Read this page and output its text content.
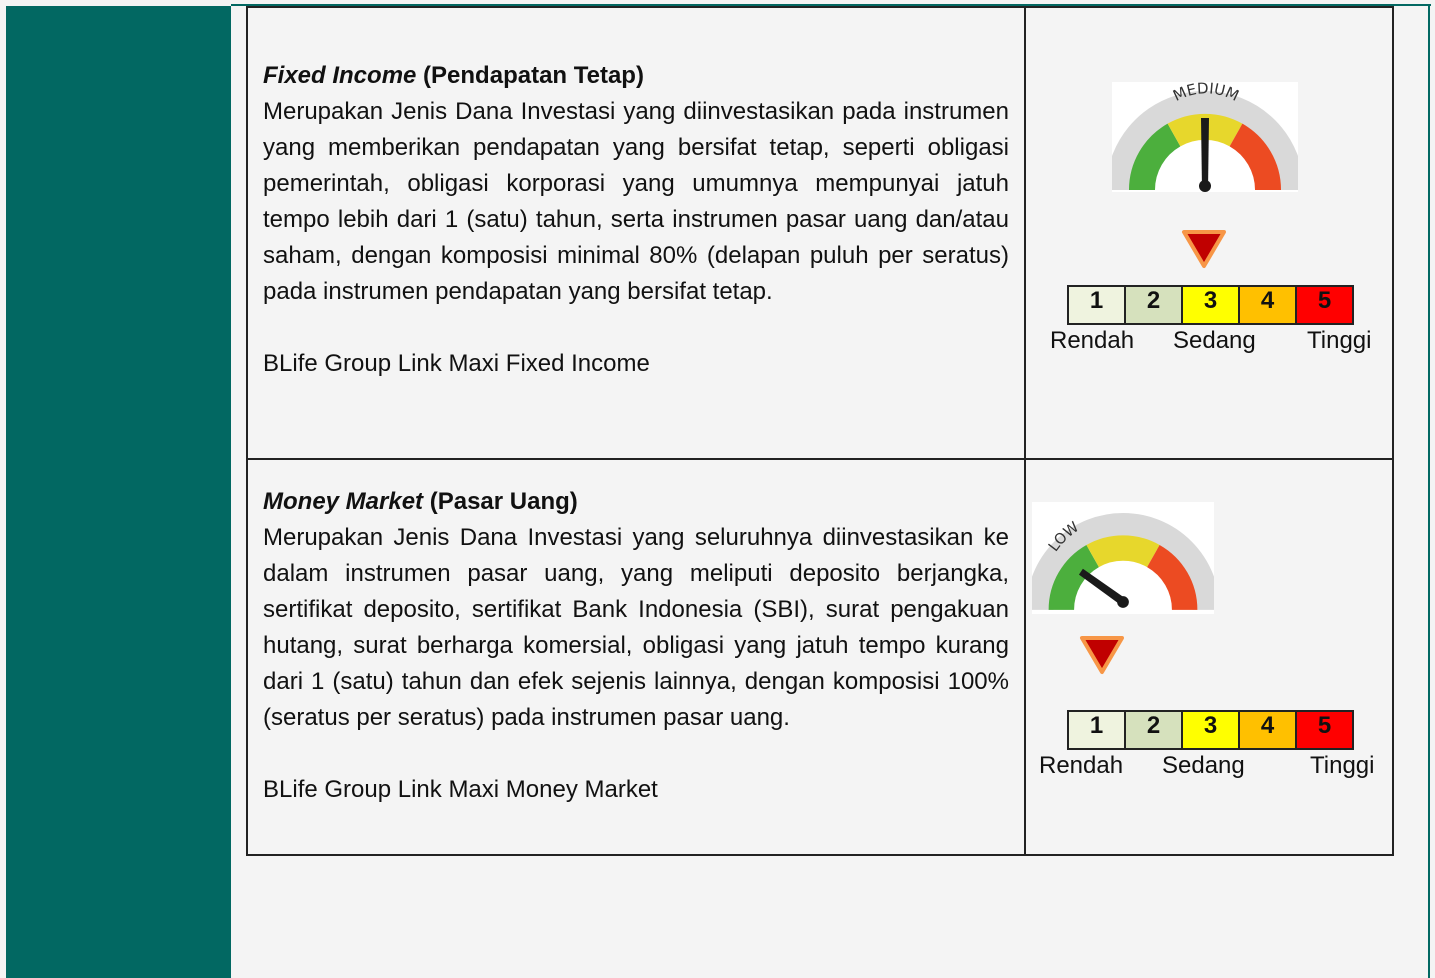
Fixed Income (Pendapatan Tetap)

Merupakan Jenis Dana Investasi yang diinvestasikan pada instrumen yang memberikan pendapatan yang bersifat tetap, seperti obligasi pemerintah, obligasi korporasi yang umumnya mempunyai jatuh tempo lebih dari 1 (satu) tahun, serta instrumen pasar uang dan/atau saham, dengan komposisi minimal 80% (delapan puluh per seratus) pada instrumen pendapatan yang bersifat tetap.

BLife Group Link Maxi Fixed Income

MEDIUM
1	2	3	4	5
Rendah Sedang Tinggi

Money Market (Pasar Uang)

Merupakan Jenis Dana Investasi yang seluruhnya diinvestasikan ke dalam instrumen pasar uang, yang meliputi deposito berjangka, sertifikat deposito, sertifikat Bank Indonesia (SBI), surat pengakuan hutang, surat berharga komersial, obligasi yang jatuh tempo kurang dari 1 (satu) tahun dan efek sejenis lainnya, dengan komposisi 100% (seratus per seratus) pada instrumen pasar uang.

BLife Group Link Maxi Money Market

LOW
1	2	3	4	5
Rendah Sedang	Tinggi
